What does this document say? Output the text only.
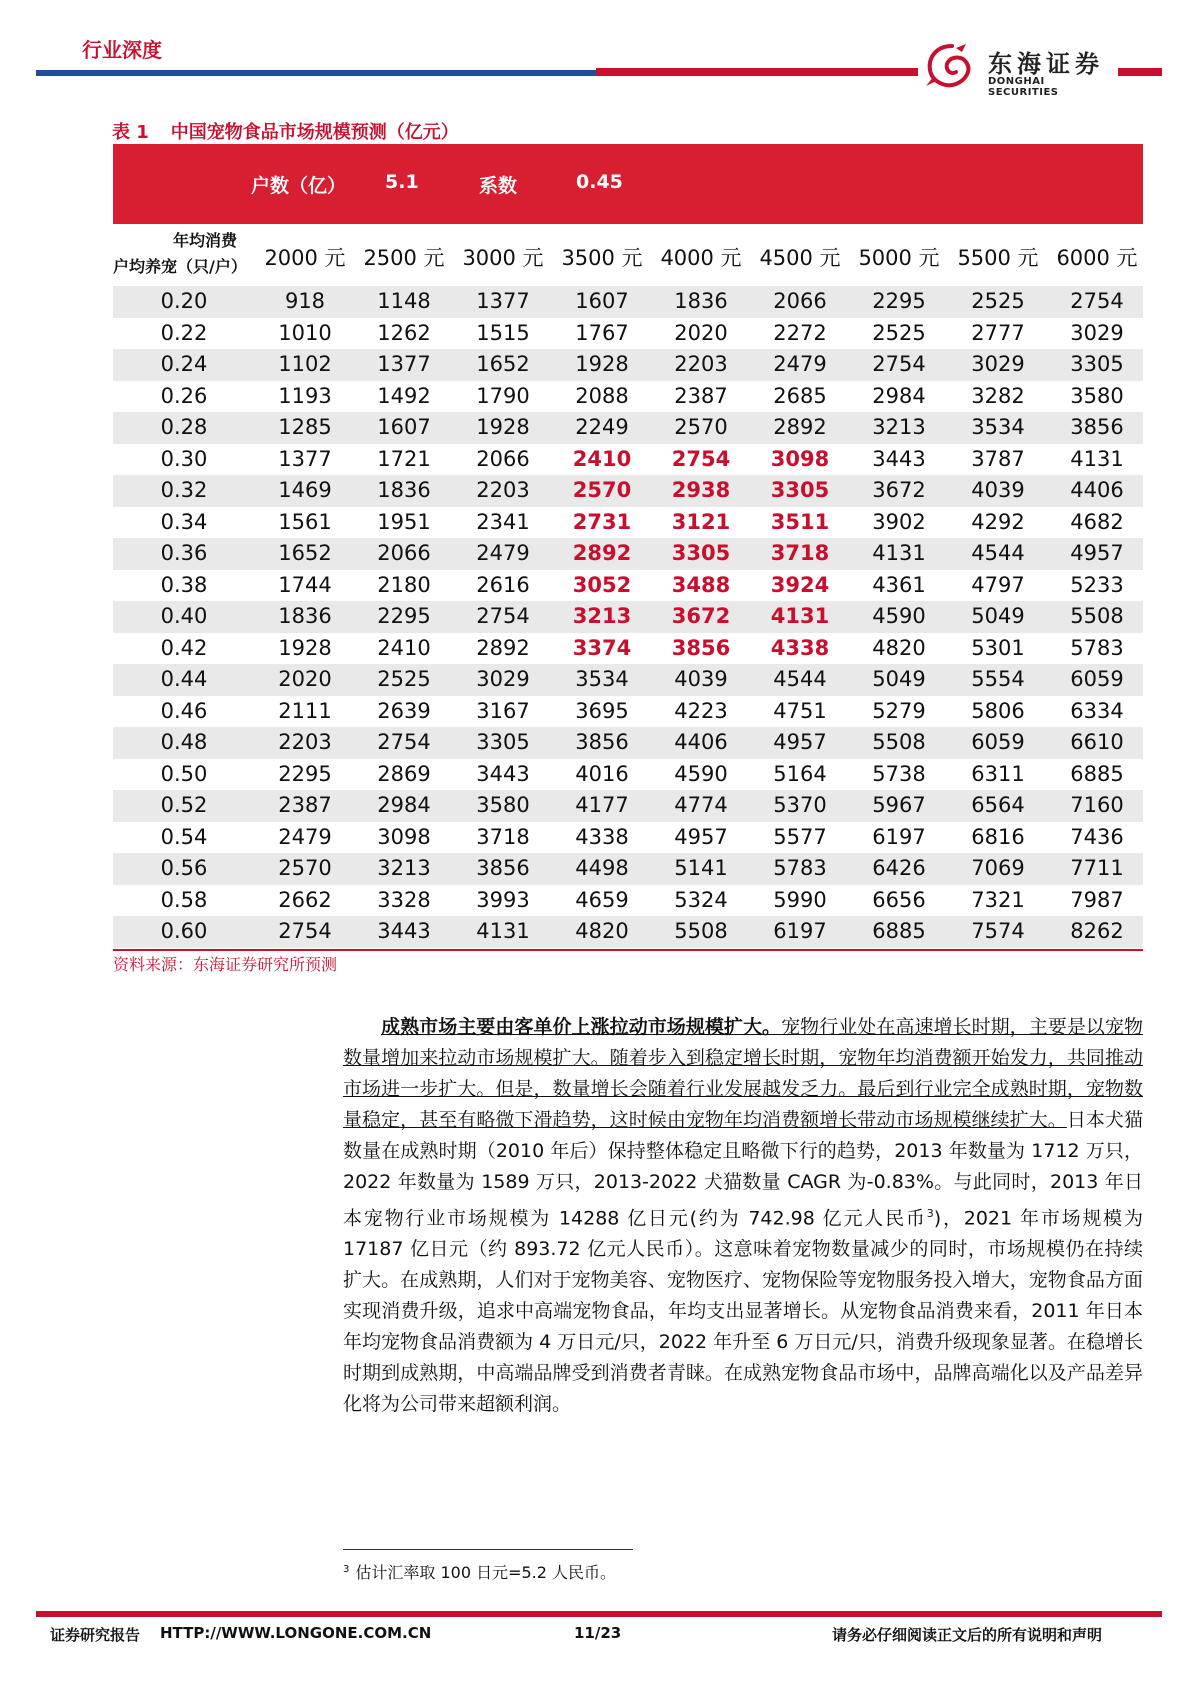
行业深度	东海证券
DONGHAI SECURITIES
表 1 中国宠物食品市场规模预测（亿元）
户数（亿） 5.1	系数	0.45
年均消费
户均养宠（只/户） 2000 元 2500 元 3000 元 3500 元 4000 元 4500 元 5000 元 5500 元 6000 元
0.20	918	1148	1377	1607	1836	2066	2295	2525	2754
0.22	1010	1262	1515	1767	2020	2272	2525	2777	3029
0.24	1102	1377	1652	1928	2203	2479	2754	3029	3305
0.26	1193	1492	1790	2088	2387	2685	2984	3282	3580
0.28	1285	1607	1928	2249	2570	2892	3213	3534	3856
0.30	1377	1721	2066	2410	2754	3098	3443	3787	4131
0.32	1469	1836	2203	2570	2938	3305	3672	4039	4406
0.34	1561	1951	2341	2731	3121	3511	3902	4292	4682
0.36	1652	2066	2479	2892	3305	3718	4131	4544	4957
0.38	1744	2180	2616	3052	3488	3924	4361	4797	5233
0.40	1836	2295	2754	3213	3672	4131	4590	5049	5508
0.42	1928	2410	2892	3374	3856	4338	4820	5301	5783
0.44	2020	2525	3029	3534	4039	4544	5049	5554	6059
0.46	2111	2639	3167	3695	4223	4751	5279	5806	6334
0.48	2203	2754	3305	3856	4406	4957	5508	6059	6610
0.50	2295	2869	3443	4016	4590	5164	5738	6311	6885
0.52	2387	2984	3580	4177	4774	5370	5967	6564	7160
0.54	2479	3098	3718	4338	4957	5577	6197	6816	7436
0.56	2570	3213	3856	4498	5141	5783	6426	7069	7711
0.58	2662	3328	3993	4659	5324	5990	6656	7321	7987
0.60	2754	3443	4131	4820	5508	6197	6885	7574	8262
资料来源：东海证券研究所预测
  成熟市场主要由客单价上涨拉动市场规模扩大。宠物行业处在高速增长时期，主要是以宠物数量增加来拉动市场规模扩大。随着步入到稳定增长时期，宠物年均消费额开始发力，共同推动市场进一步扩大。但是，数量增长会随着行业发展越发乏力。最后到行业完全成熟时期，宠物数量稳定，甚至有略微下滑趋势，这时候由宠物年均消费额增长带动市场规模继续扩大。日本犬猫数量在成熟时期（2010 年后）保持整体稳定且略微下行的趋势，2013 年数量为 1712 万只，2022 年数量为 1589 万只，2013-2022 犬猫数量 CAGR 为-0.83%。与此同时，2013 年日本宠物行业市场规模为 14288 亿日元(约为 742.98 亿元人民币$^3$)，2021 年市场规模为 17187 亿日元（约 893.72 亿元人民币）。这意味着宠物数量减少的同时，市场规模仍在持续扩大。在成熟期，人们对于宠物美容、宠物医疗、宠物保险等宠物服务投入增大，宠物食品方面实现消费升级，追求中高端宠物食品，年均支出显著增长。从宠物食品消费来看，2011 年日本年均宠物食品消费额为 4 万日元/只，2022 年升至 6 万日元/只，消费升级现象显著。在稳增长时期到成熟期，中高端品牌受到消费者青睐。在成熟宠物食品市场中，品牌高端化以及产品差异化将为公司带来超额利润。
$^3$ 估计汇率取 100 日元=5.2 人民币。
证券研究报告 HTTP://WWW.LONGONE.COM.CN	11/23	请务必仔细阅读正文后的所有说明和声明
